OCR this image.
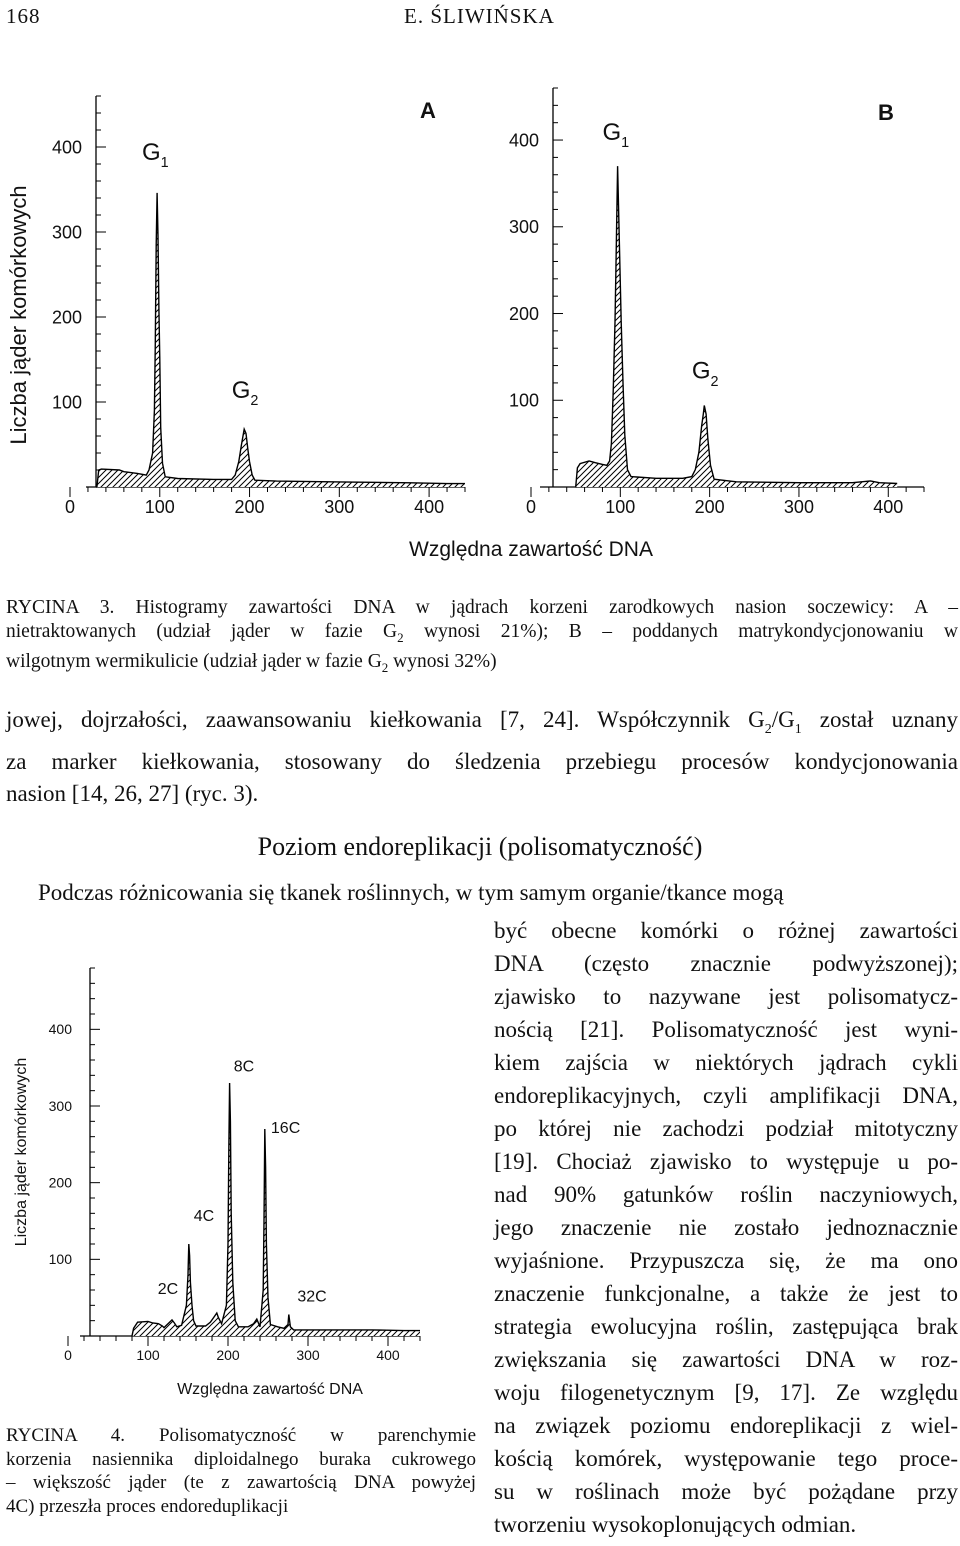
168	E. ŚLIWIŃSKA
Liczba jąder komórkowych
Względna zawartość DNA
100
200
300
400
0	100	200	300	400
$G_1$
$G_2$
A
100
200
300
400
0	100	200	300	400
$G_1$
$G_2$
B
RYCINA 3. Histogramy zawartości DNA w jądrach korzeni zarodkowych nasion soczewicy: A –
nietraktowanych (udział jąder w fazie $G_2$ wynosi 21%); B – poddanych matrykondycjonowaniu w
wilgotnym wermikulicie (udział jąder w fazie $G_2$ wynosi 32%)
jowej, dojrzałości, zaawansowaniu kiełkowania [7, 24]. Współczynnik $G_2/G_1$ został uznany
za marker kiełkowania, stosowany do śledzenia przebiegu procesów kondycjonowania
nasion [14, 26, 27] (ryc. 3).
Poziom endoreplikacji (polisomatyczność)
Podczas różnicowania się tkanek roślinnych, w tym samym organie/tkance mogą
być obecne komórki o różnej zawartości
DNA (często znacznie podwyższonej);
zjawisko to nazywane jest polisomatycz-
nością [21]. Polisomatyczność jest wyni-
kiem zajścia w niektórych jądrach cykli
endoreplikacyjnych, czyli amplifikacji DNA,
po której nie zachodzi podział mitotyczny
[19]. Chociaż zjawisko to występuje u po-
nad 90% gatunków roślin naczyniowych,
jego znaczenie nie zostało jednoznacznie
wyjaśnione. Przypuszcza się, że ma ono
znaczenie funkcjonalne, a także że jest to
strategia ewolucyjna roślin, zastępująca brak
zwiększania się zawartości DNA w roz-
woju filogenetycznym [9, 17]. Ze względu
na związek poziomu endoreplikacji z wiel-
kością komórek, występowanie tego proce-
su w roślinach może być pożądane przy
tworzeniu wysokoplonujących odmian.
Liczba jąder komórkowych
Względna zawartość DNA
100
200
300
400
0	100	200	300	400
2C
4C
8C
16C
32C
RYCINA 4. Polisomatyczność w parenchymie
korzenia nasiennika diploidalnego buraka cukrowego
– większość jąder (te z zawartością DNA powyżej
4C) przeszła proces endoreduplikacji
